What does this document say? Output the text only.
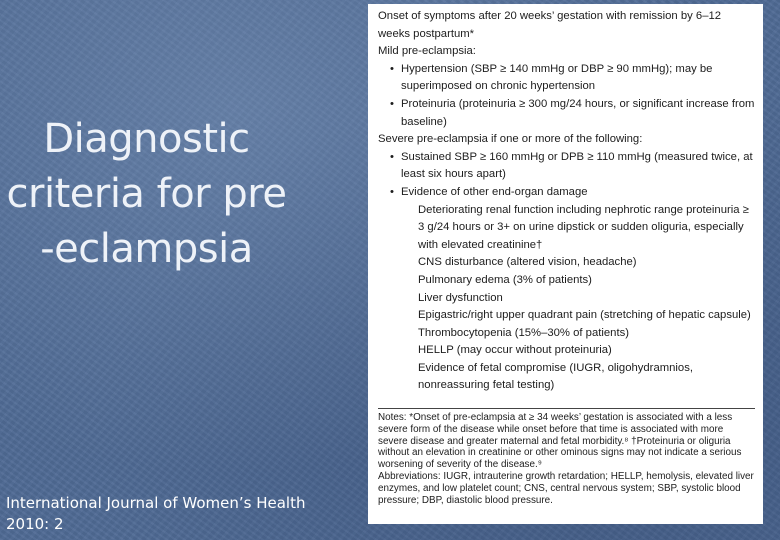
Diagnostic
criteria for pre
-eclampsia
International Journal of Women’s Health
2010: 2

Onset of symptoms after 20 weeks’ gestation with remission by 6–12 weeks postpartum*

Mild pre-eclampsia:

• Hypertension (SBP ≥ 140 mmHg or DBP ≥ 90 mmHg); may be superimposed on chronic hypertension

• Proteinuria (proteinuria ≥ 300 mg/24 hours, or significant increase from baseline)

Severe pre-eclampsia if one or more of the following:

• Sustained SBP ≥ 160 mmHg or DPB ≥ 110 mmHg (measured twice, at least six hours apart)

• Evidence of other end-organ damage

Deteriorating renal function including nephrotic range proteinuria ≥ 3 g/24 hours or 3+ on urine dipstick or sudden oliguria, especially with elevated creatinine†

CNS disturbance (altered vision, headache)

Pulmonary edema (3% of patients)

Liver dysfunction

Epigastric/right upper quadrant pain (stretching of hepatic capsule)

Thrombocytopenia (15%–30% of patients)

HELLP (may occur without proteinuria)

Evidence of fetal compromise (IUGR, oligohydramnios, nonreassuring fetal testing)

Notes: *Onset of pre-eclampsia at ≥ 34 weeks’ gestation is associated with a less severe form of the disease while onset before that time is associated with more severe disease and greater maternal and fetal morbidity.⁸ †Proteinuria or oliguria without an elevation in creatinine or other ominous signs may not indicate a serious worsening of severity of the disease.⁹

Abbreviations: IUGR, intrauterine growth retardation; HELLP, hemolysis, elevated liver enzymes, and low platelet count; CNS, central nervous system; SBP, systolic blood pressure; DBP, diastolic blood pressure.
